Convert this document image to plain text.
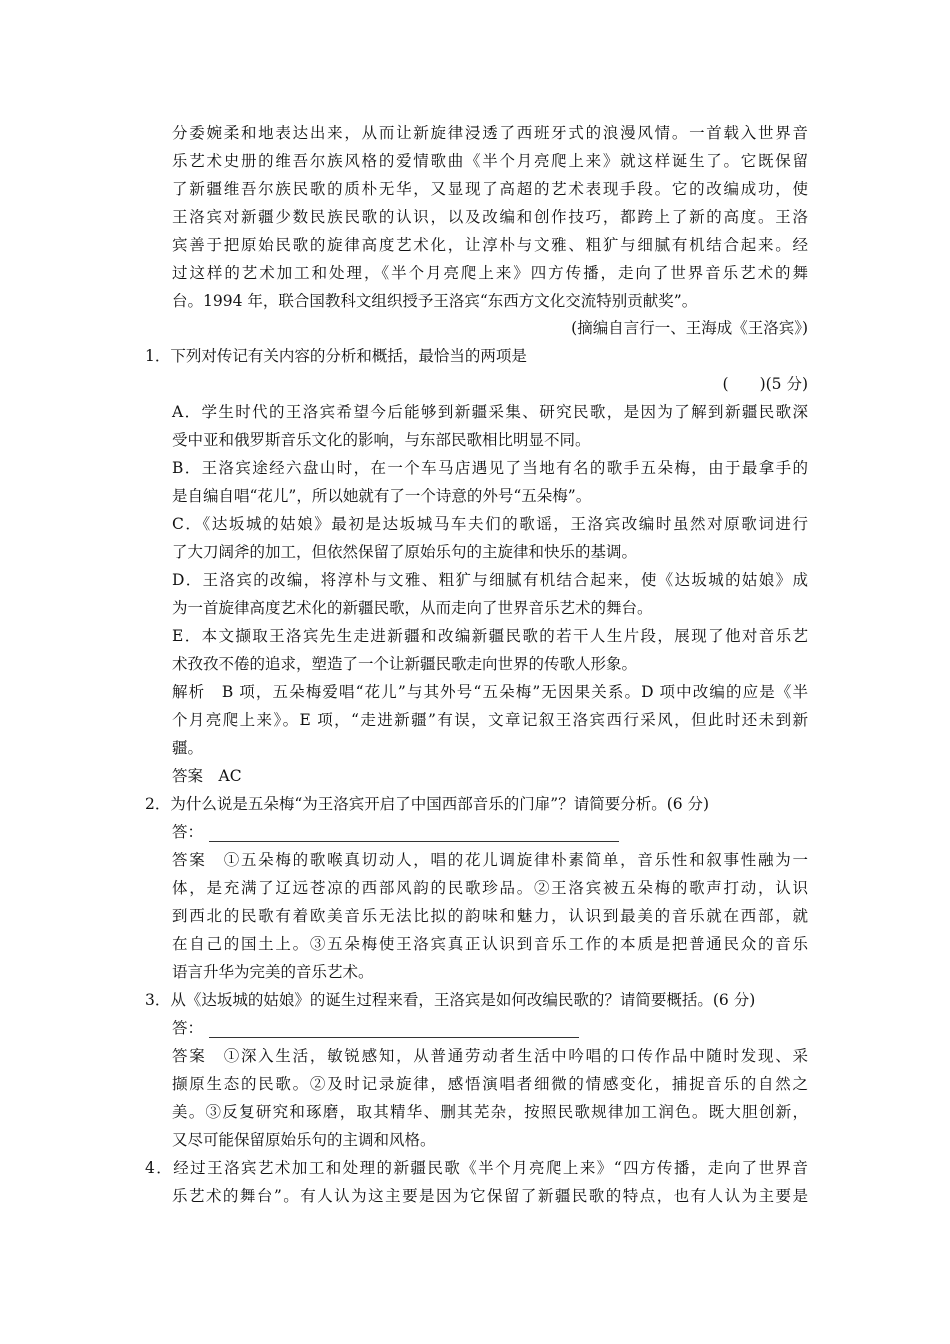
分委婉柔和地表达出来，从而让新旋律浸透了西班牙式的浪漫风情。一首载入世界音
乐艺术史册的维吾尔族风格的爱情歌曲《半个月亮爬上来》就这样诞生了。它既保留
了新疆维吾尔族民歌的质朴无华，又显现了高超的艺术表现手段。它的改编成功，使
王洛宾对新疆少数民族民歌的认识，以及改编和创作技巧，都跨上了新的高度。王洛
宾善于把原始民歌的旋律高度艺术化，让淳朴与文雅、粗犷与细腻有机结合起来。经
过这样的艺术加工和处理，《半个月亮爬上来》四方传播，走向了世界音乐艺术的舞
台。1994 年，联合国教科文组织授予王洛宾“东西方文化交流特别贡献奖”。
(摘编自言行一、王海成《王洛宾》)
1．下列对传记有关内容的分析和概括，最恰当的两项是
(　　)(5 分)
A．学生时代的王洛宾希望今后能够到新疆采集、研究民歌，是因为了解到新疆民歌深
受中亚和俄罗斯音乐文化的影响，与东部民歌相比明显不同。
B．王洛宾途经六盘山时，在一个车马店遇见了当地有名的歌手五朵梅，由于最拿手的
是自编自唱“花儿”，所以她就有了一个诗意的外号“五朵梅”。
C．《达坂城的姑娘》最初是达坂城马车夫们的歌谣，王洛宾改编时虽然对原歌词进行
了大刀阔斧的加工，但依然保留了原始乐句的主旋律和快乐的基调。
D．王洛宾的改编，将淳朴与文雅、粗犷与细腻有机结合起来，使《达坂城的姑娘》成
为一首旋律高度艺术化的新疆民歌，从而走向了世界音乐艺术的舞台。
E．本文撷取王洛宾先生走进新疆和改编新疆民歌的若干人生片段，展现了他对音乐艺
术孜孜不倦的追求，塑造了一个让新疆民歌走向世界的传歌人形象。
解析　B 项，五朵梅爱唱“花儿”与其外号“五朵梅”无因果关系。D 项中改编的应是《半
个月亮爬上来》。E 项，“走进新疆”有误，文章记叙王洛宾西行采风，但此时还未到新
疆。
答案　AC
2．为什么说是五朵梅“为王洛宾开启了中国西部音乐的门扉”？请简要分析。(6 分)
答：
答案　①五朵梅的歌喉真切动人，唱的花儿调旋律朴素简单，音乐性和叙事性融为一
体，是充满了辽远苍凉的西部风韵的民歌珍品。②王洛宾被五朵梅的歌声打动，认识
到西北的民歌有着欧美音乐无法比拟的韵味和魅力，认识到最美的音乐就在西部，就
在自己的国土上。③五朵梅使王洛宾真正认识到音乐工作的本质是把普通民众的音乐
语言升华为完美的音乐艺术。
3．从《达坂城的姑娘》的诞生过程来看，王洛宾是如何改编民歌的？请简要概括。(6 分)
答：
答案　①深入生活，敏锐感知，从普通劳动者生活中吟唱的口传作品中随时发现、采
撷原生态的民歌。②及时记录旋律，感悟演唱者细微的情感变化，捕捉音乐的自然之
美。③反复研究和琢磨，取其精华、删其芜杂，按照民歌规律加工润色。既大胆创新，
又尽可能保留原始乐句的主调和风格。
4．经过王洛宾艺术加工和处理的新疆民歌《半个月亮爬上来》“四方传播，走向了世界音
乐艺术的舞台”。有人认为这主要是因为它保留了新疆民歌的特点，也有人认为主要是
